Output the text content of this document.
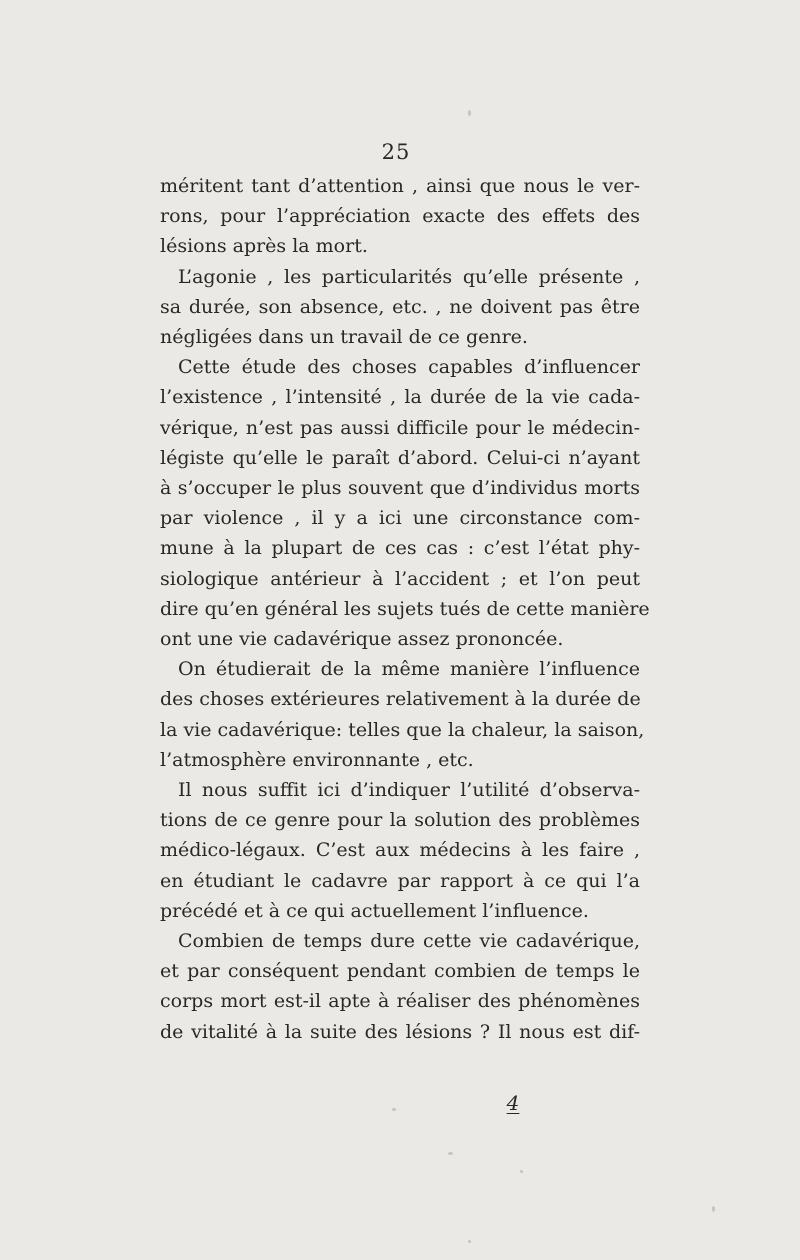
25
méritent tant d’attention , ainsi que nous le ver-
rons, pour l’appréciation exacte des effets des
lésions après la mort.
L’agonie , les particularités qu’elle présente ,
sa durée, son absence, etc. , ne doivent pas être
négligées dans un travail de ce genre.
Cette étude des choses capables d’influencer
l’existence , l’intensité , la durée de la vie cada-
vérique, n’est pas aussi difficile pour le médecin-
légiste qu’elle le paraît d’abord. Celui-ci n’ayant
à s’occuper le plus souvent que d’individus morts
par violence , il y a ici une circonstance com-
mune à la plupart de ces cas : c’est l’état phy-
siologique antérieur à l’accident ; et l’on peut
dire qu’en général les sujets tués de cette manière
ont une vie cadavérique assez prononcée.
On étudierait de la même manière l’influence
des choses extérieures relativement à la durée de
la vie cadavérique: telles que la chaleur, la saison,
l’atmosphère environnante , etc.
Il nous suffit ici d’indiquer l’utilité d’observa-
tions de ce genre pour la solution des problèmes
médico-légaux. C’est aux médecins à les faire ,
en étudiant le cadavre par rapport à ce qui l’a
précédé et à ce qui actuellement l’influence.
Combien de temps dure cette vie cadavérique,
et par conséquent pendant combien de temps le
corps mort est-il apte à réaliser des phénomènes
de vitalité à la suite des lésions ? Il nous est dif-
4
